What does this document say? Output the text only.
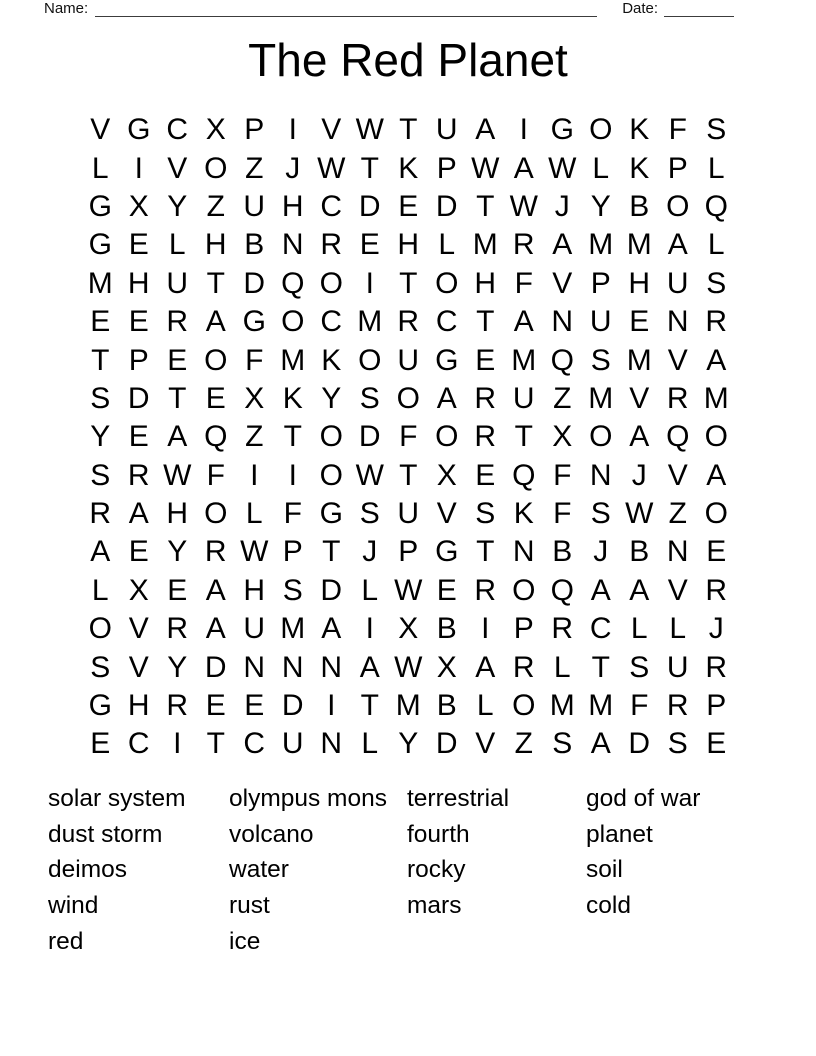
Name:	Date:
The Red Planet
V G C X P I V W T U A I G O K F S
L I V O Z J W T K P W A W L K P L
G X Y Z U H C D E D T W J Y B O Q
G E L H B N R E H L M R A M M A L
M H U T D Q O I T O H F V P H U S
E E R A G O C M R C T A N U E N R
T P E O F M K O U G E M Q S M V A
S D T E X K Y S O A R U Z M V R M
Y E A Q Z T O D F O R T X O A Q O
S R W F I	I O W T X E Q F N J V A
R A H O L F G S U V S K F S W Z O
A E Y R W P T J P G T N B J B N E
L X E A H S D L W E R O Q A A V R
O V R A U M A I X B I P R C L L J
S V Y D N N N A W X A R L T S U R
G H R E E D I T M B L O M M F R P
E C I T C U N L Y D V Z S A D S E
solar system
dust storm
deimos
wind
red
olympus mons
volcano
water
rust
ice
terrestrial
fourth
rocky
mars
god of war
planet
soil
cold
